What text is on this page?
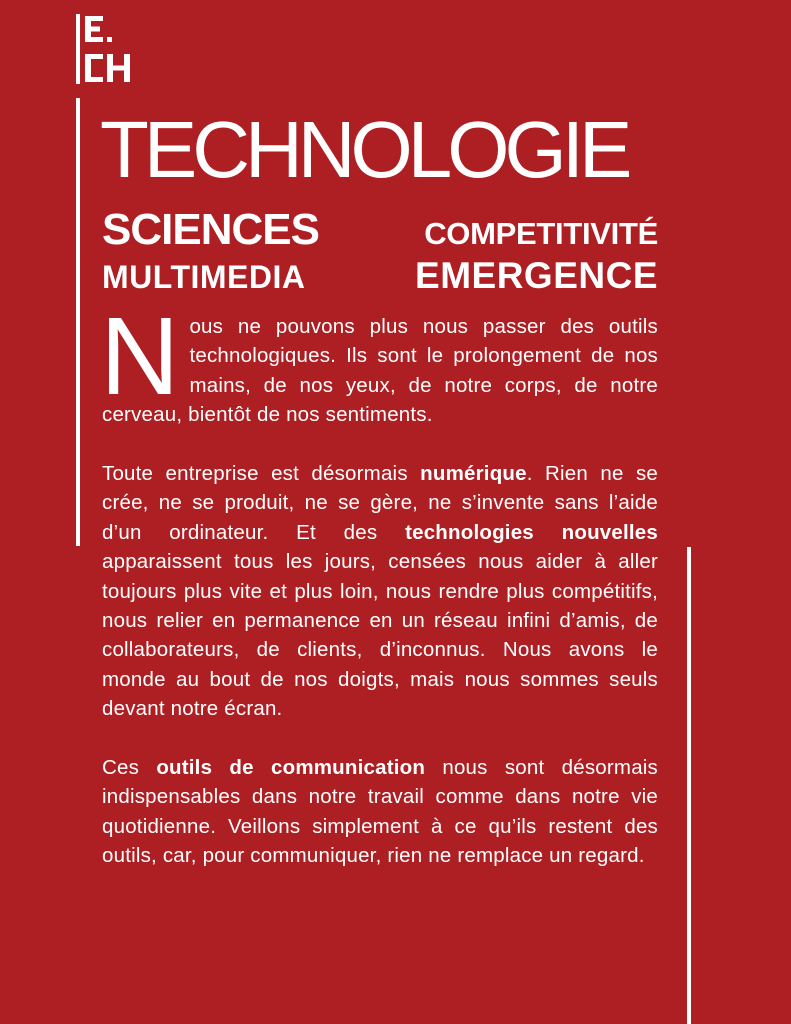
TECHNOLOGIE
SCIENCES	COMPETITIVITÉ
MULTIMEDIA	EMERGENCE

Nous ne pouvons plus nous passer des outils technologiques. Ils sont le prolongement de nos mains, de nos yeux, de notre corps, de notre cerveau, bientôt de nos sentiments.

Toute entreprise est désormais numérique. Rien ne se crée, ne se produit, ne se gère, ne s’invente sans l’aide d’un ordinateur. Et des technologies nouvelles apparaissent tous les jours, censées nous aider à aller toujours plus vite et plus loin, nous rendre plus compétitifs, nous relier en permanence en un réseau infini d’amis, de collaborateurs, de clients, d’inconnus. Nous avons le monde au bout de nos doigts, mais nous sommes seuls devant notre écran.

Ces outils de communication nous sont désormais indispensables dans notre travail comme dans notre vie quotidienne. Veillons simplement à ce qu’ils restent des outils, car, pour communiquer, rien ne remplace un regard.
